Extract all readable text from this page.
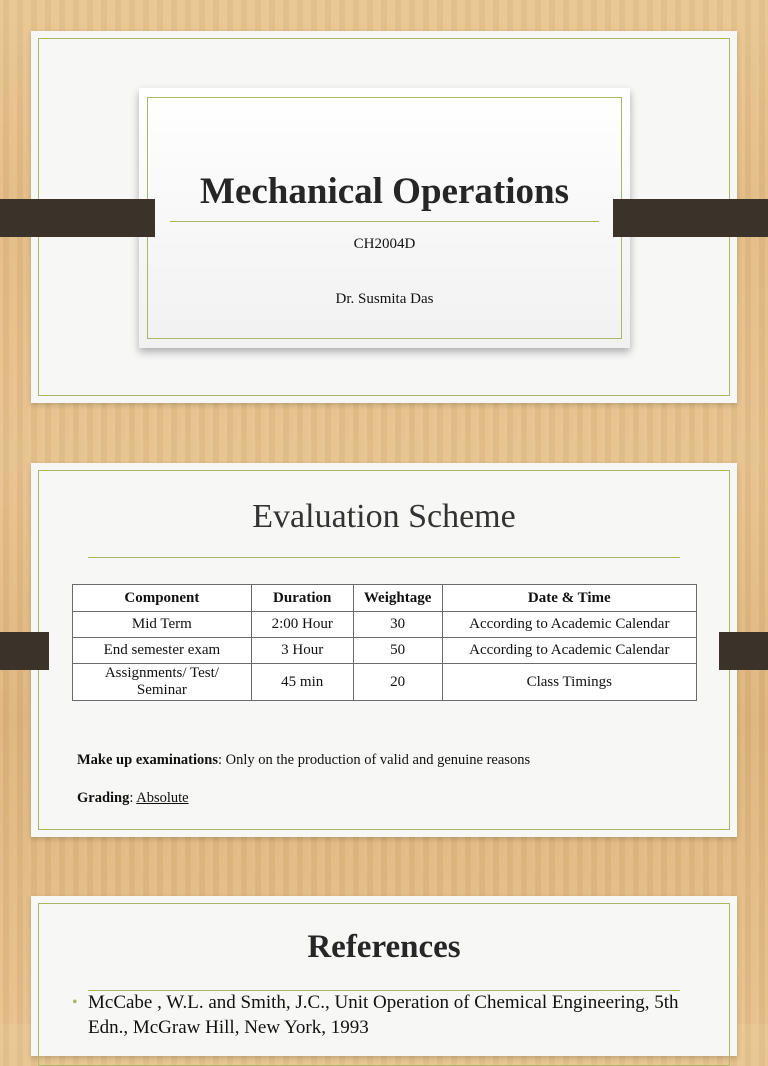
Mechanical Operations
CH2004D
Dr. Susmita Das
Evaluation Scheme
Component	Duration	Weightage	Date & Time
Mid Term	2:00 Hour	30	According to Academic Calendar
End semester exam	3 Hour	50	According to Academic Calendar
Assignments/ Test/ Seminar	45 min	20	Class Timings
Make up examinations: Only on the production of valid and genuine reasons
Grading: Absolute
References
• McCabe , W.L. and Smith, J.C., Unit Operation of Chemical Engineering, 5th Edn., McGraw Hill, New York, 1993
